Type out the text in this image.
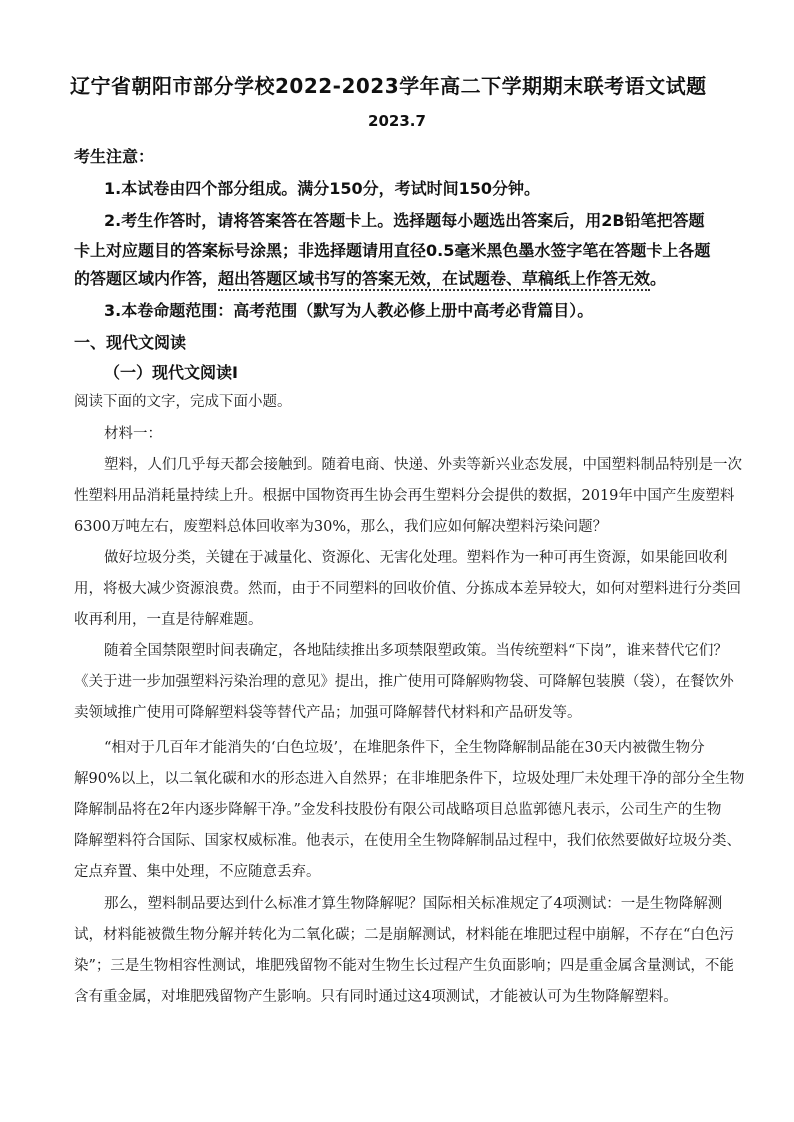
辽宁省朝阳市部分学校2022-2023学年高二下学期期末联考语文试题
2023.7
考生注意：
1.本试卷由四个部分组成。满分150分，考试时间150分钟。
2.考生作答时，请将答案答在答题卡上。选择题每小题选出答案后，用2B铅笔把答题
卡上对应题目的答案标号涂黑；非选择题请用直径0.5毫米黑色墨水签字笔在答题卡上各题
的答题区域内作答，超出答题区域书写的答案无效，在试题卷、草稿纸上作答无效。
3.本卷命题范围：高考范围（默写为人教必修上册中高考必背篇目）。
一、现代文阅读
（一）现代文阅读Ⅰ
阅读下面的文字，完成下面小题。
材料一：
塑料，人们几乎每天都会接触到。随着电商、快递、外卖等新兴业态发展，中国塑料制品特别是一次
性塑料用品消耗量持续上升。根据中国物资再生协会再生塑料分会提供的数据，2019年中国产生废塑料
6300万吨左右，废塑料总体回收率为30%，那么，我们应如何解决塑料污染问题？
做好垃圾分类，关键在于减量化、资源化、无害化处理。塑料作为一种可再生资源，如果能回收利
用，将极大减少资源浪费。然而，由于不同塑料的回收价值、分拣成本差异较大，如何对塑料进行分类回
收再利用，一直是待解难题。
随着全国禁限塑时间表确定，各地陆续推出多项禁限塑政策。当传统塑料“下岗”，谁来替代它们？
《关于进一步加强塑料污染治理的意见》提出，推广使用可降解购物袋、可降解包装膜（袋），在餐饮外
卖领域推广使用可降解塑料袋等替代产品；加强可降解替代材料和产品研发等。
“相对于几百年才能消失的‘白色垃圾’，在堆肥条件下，全生物降解制品能在30天内被微生物分
解90%以上，以二氧化碳和水的形态进入自然界；在非堆肥条件下，垃圾处理厂未处理干净的部分全生物
降解制品将在2年内逐步降解干净。”金发科技股份有限公司战略项目总监郭德凡表示，公司生产的生物
降解塑料符合国际、国家权威标准。他表示，在使用全生物降解制品过程中，我们依然要做好垃圾分类、
定点弃置、集中处理，不应随意丢弃。
那么，塑料制品要达到什么标准才算生物降解呢？国际相关标准规定了4项测试：一是生物降解测
试，材料能被微生物分解并转化为二氧化碳；二是崩解测试，材料能在堆肥过程中崩解，不存在“白色污
染”；三是生物相容性测试，堆肥残留物不能对生物生长过程产生负面影响；四是重金属含量测试，不能
含有重金属，对堆肥残留物产生影响。只有同时通过这4项测试，才能被认可为生物降解塑料。
